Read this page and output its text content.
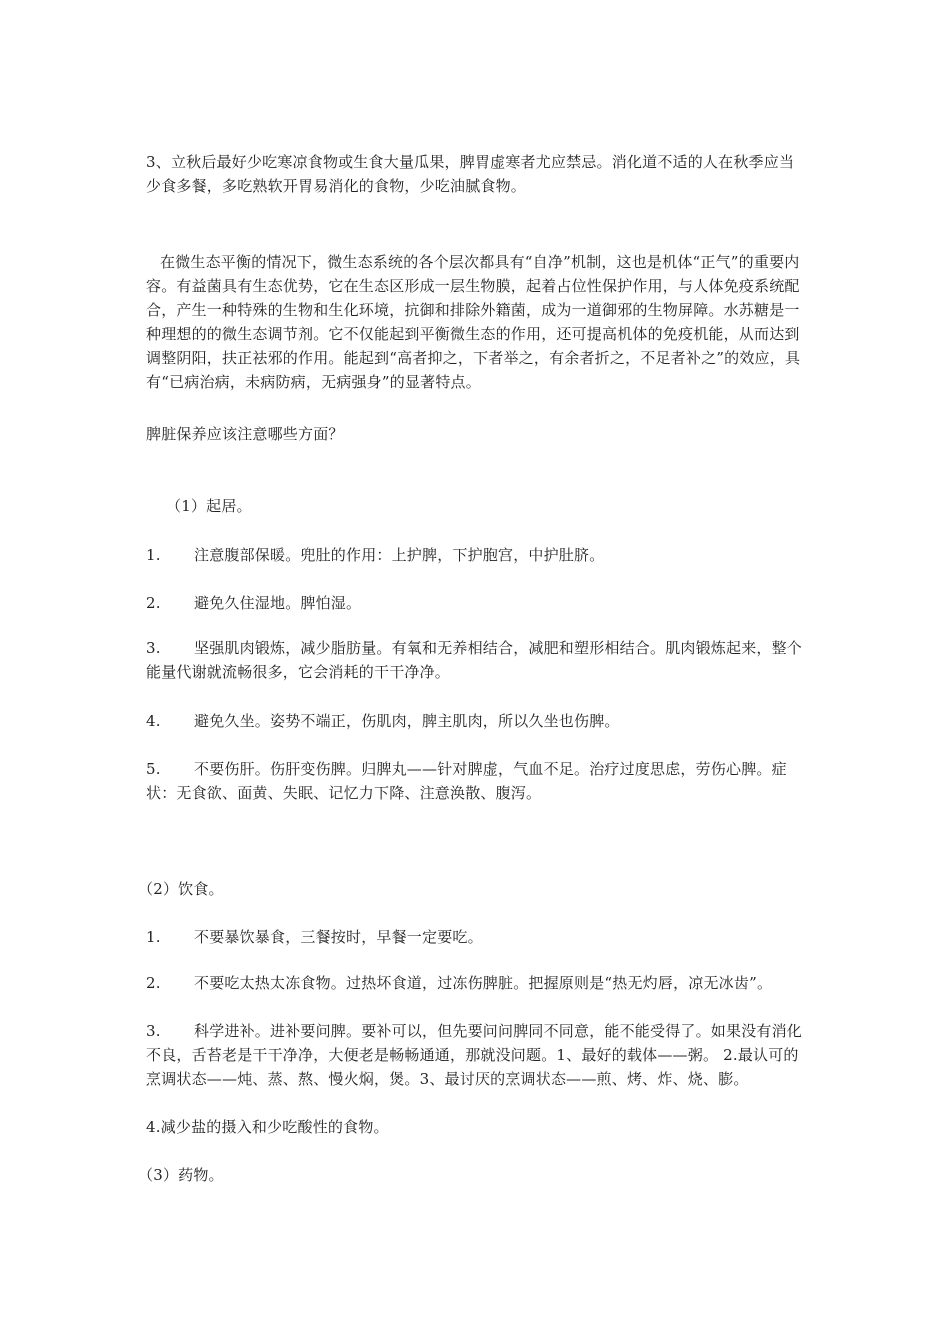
3、立秋后最好少吃寒凉食物或生食大量瓜果，脾胃虚寒者尤应禁忌。消化道不适的人在秋季应当少食多餐，多吃熟软开胃易消化的食物，少吃油腻食物。

在微生态平衡的情况下，微生态系统的各个层次都具有“自净”机制，这也是机体“正气”的重要内容。有益菌具有生态优势，它在生态区形成一层生物膜，起着占位性保护作用，与人体免疫系统配合，产生一种特殊的生物和生化环境，抗御和排除外籍菌，成为一道御邪的生物屏障。水苏糖是一种理想的的微生态调节剂。它不仅能起到平衡微生态的作用，还可提高机体的免疫机能，从而达到调整阴阳，扶正祛邪的作用。能起到“高者抑之，下者举之，有余者折之，不足者补之”的效应，具有“已病治病，未病防病，无病强身”的显著特点。

脾脏保养应该注意哪些方面？

（1）起居。

1. 注意腹部保暖。兜肚的作用：上护脾，下护胞宫，中护肚脐。

2. 避免久住湿地。脾怕湿。

3. 坚强肌肉锻炼，减少脂肪量。有氧和无养相结合，减肥和塑形相结合。肌肉锻炼起来，整个能量代谢就流畅很多，它会消耗的干干净净。

4. 避免久坐。姿势不端正，伤肌肉，脾主肌肉，所以久坐也伤脾。

5. 不要伤肝。伤肝变伤脾。归脾丸——针对脾虚，气血不足。治疗过度思虑，劳伤心脾。症状：无食欲、面黄、失眠、记忆力下降、注意涣散、腹泻。

（2）饮食。

1. 不要暴饮暴食，三餐按时，早餐一定要吃。

2. 不要吃太热太冻食物。过热坏食道，过冻伤脾脏。把握原则是“热无灼唇，凉无冰齿”。

3. 科学进补。进补要问脾。要补可以，但先要问问脾同不同意，能不能受得了。如果没有消化不良，舌苔老是干干净净，大便老是畅畅通通，那就没问题。1、最好的载体——粥。 2.最认可的烹调状态——炖、蒸、熬、慢火焖，煲。3、最讨厌的烹调状态——煎、烤、炸、烧、膨。

4.减少盐的摄入和少吃酸性的食物。

（3）药物。
